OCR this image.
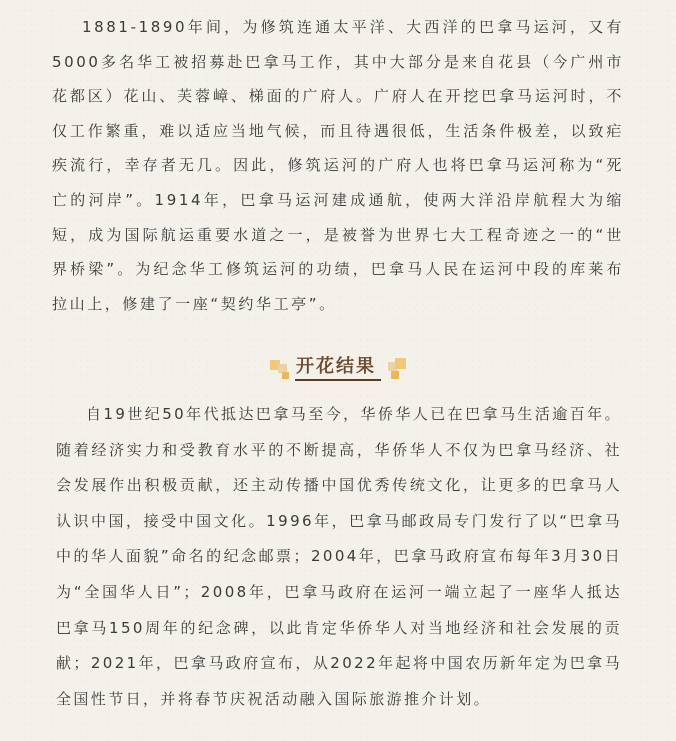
1881-1890年间，为修筑连通太平洋、大西洋的巴拿马运河，又有5000多名华工被招募赴巴拿马工作，其中大部分是来自花县（今广州市花都区）花山、芙蓉嶂、梯面的广府人。广府人在开挖巴拿马运河时，不仅工作繁重，难以适应当地气候，而且待遇很低，生活条件极差，以致疟疾流行，幸存者无几。因此，修筑运河的广府人也将巴拿马运河称为“死亡的河岸”。1914年，巴拿马运河建成通航，使两大洋沿岸航程大为缩短，成为国际航运重要水道之一，是被誉为世界七大工程奇迹之一的“世界桥梁”。为纪念华工修筑运河的功绩，巴拿马人民在运河中段的库莱布拉山上，修建了一座“契约华工亭”。

开花结果

自19世纪50年代抵达巴拿马至今，华侨华人已在巴拿马生活逾百年。随着经济实力和受教育水平的不断提高，华侨华人不仅为巴拿马经济、社会发展作出积极贡献，还主动传播中国优秀传统文化，让更多的巴拿马人认识中国，接受中国文化。1996年，巴拿马邮政局专门发行了以“巴拿马中的华人面貌”命名的纪念邮票；2004年，巴拿马政府宣布每年3月30日为“全国华人日”；2008年，巴拿马政府在运河一端立起了一座华人抵达巴拿马150周年的纪念碑，以此肯定华侨华人对当地经济和社会发展的贡献；2021年，巴拿马政府宣布，从2022年起将中国农历新年定为巴拿马全国性节日，并将春节庆祝活动融入国际旅游推介计划。
